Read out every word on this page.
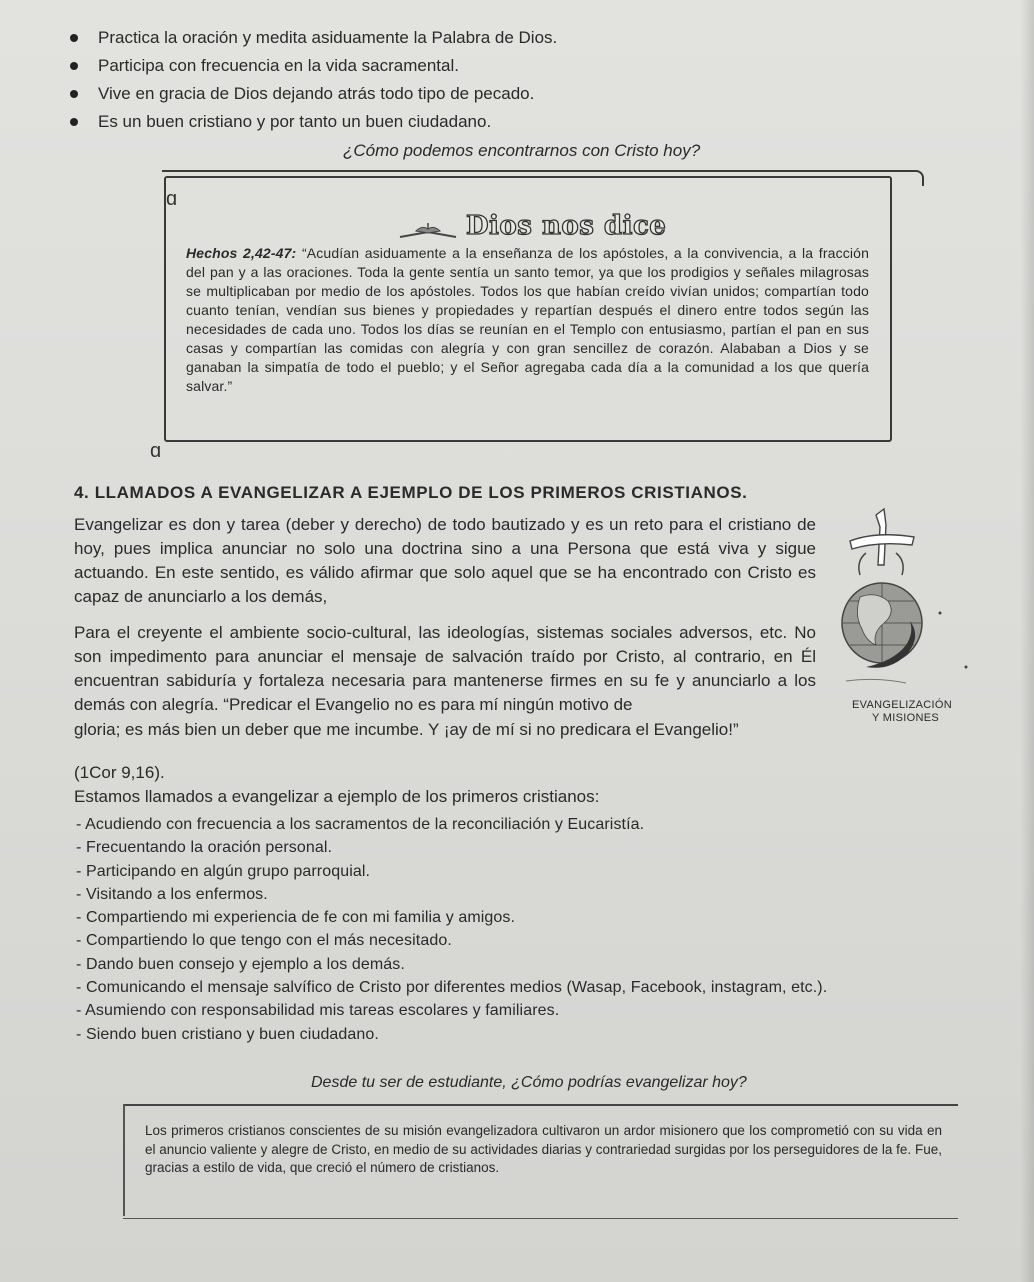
Practica la oración y medita asiduamente la Palabra de Dios.
Participa con frecuencia en la vida sacramental.
Vive en gracia de Dios dejando atrás todo tipo de pecado.
Es un buen cristiano y por tanto un buen ciudadano.
¿Cómo podemos encontrarnos con Cristo hoy?
ɑ
ɑ
Dios nos dice

Hechos 2,42-47: “Acudían asiduamente a la enseñanza de los apóstoles, a la convivencia, a la fracción del pan y a las oraciones. Toda la gente sentía un santo temor, ya que los prodigios y señales milagrosas se multiplicaban por medio de los apóstoles. Todos los que habían creído vivían unidos; compartían todo cuanto tenían, vendían sus bienes y propiedades y repartían después el dinero entre todos según las necesidades de cada uno. Todos los días se reunían en el Templo con entusiasmo, partían el pan en sus casas y compartían las comidas con alegría y con gran sencillez de corazón. Alababan a Dios y se ganaban la simpatía de todo el pueblo; y el Señor agregaba cada día a la comunidad a los que quería salvar.”

4. LLAMADOS A EVANGELIZAR A EJEMPLO DE LOS PRIMEROS CRISTIANOS.

Evangelizar es don y tarea (deber y derecho) de todo bautizado y es un reto para el cristiano de hoy, pues implica anunciar no solo una doctrina sino a una Persona que está viva y sigue actuando. En este sentido, es válido afirmar que solo aquel que se ha encontrado con Cristo es capaz de anunciarlo a los demás,

Para el creyente el ambiente socio-cultural, las ideologías, sistemas sociales adversos, etc. No son impedimento para anunciar el mensaje de salvación traído por Cristo, al contrario, en Él encuentran sabiduría y fortaleza necesaria para mantenerse firmes en su fe y anunciarlo a los demás con alegría. “Predicar el Evangelio no es para mí ningún motivo de

gloria; es más bien un deber que me incumbe. Y ¡ay de mí si no predicara el Evangelio!”

(1Cor 9,16).

Estamos llamados a evangelizar a ejemplo de los primeros cristianos:

- Acudiendo con frecuencia a los sacramentos de la reconciliación y Eucaristía.
- Frecuentando la oración personal.
- Participando en algún grupo parroquial.
- Visitando a los enfermos.
- Compartiendo mi experiencia de fe con mi familia y amigos.
- Compartiendo lo que tengo con el más necesitado.
- Dando buen consejo y ejemplo a los demás.
- Comunicando el mensaje salvífico de Cristo por diferentes medios (Wasap, Facebook, instagram, etc.).
- Asumiendo con responsabilidad mis tareas escolares y familiares.
- Siendo buen cristiano y buen ciudadano.
EVANGELIZACIÓN
Y MISIONES
Desde tu ser de estudiante, ¿Cómo podrías evangelizar hoy?

Los primeros cristianos conscientes de su misión evangelizadora cultivaron un ardor misionero que los comprometió con su vida en el anuncio valiente y alegre de Cristo, en medio de su actividades diarias y contrariedad surgidas por los perseguidores de la fe. Fue, gracias a estilo de vida, que creció el número de cristianos.
